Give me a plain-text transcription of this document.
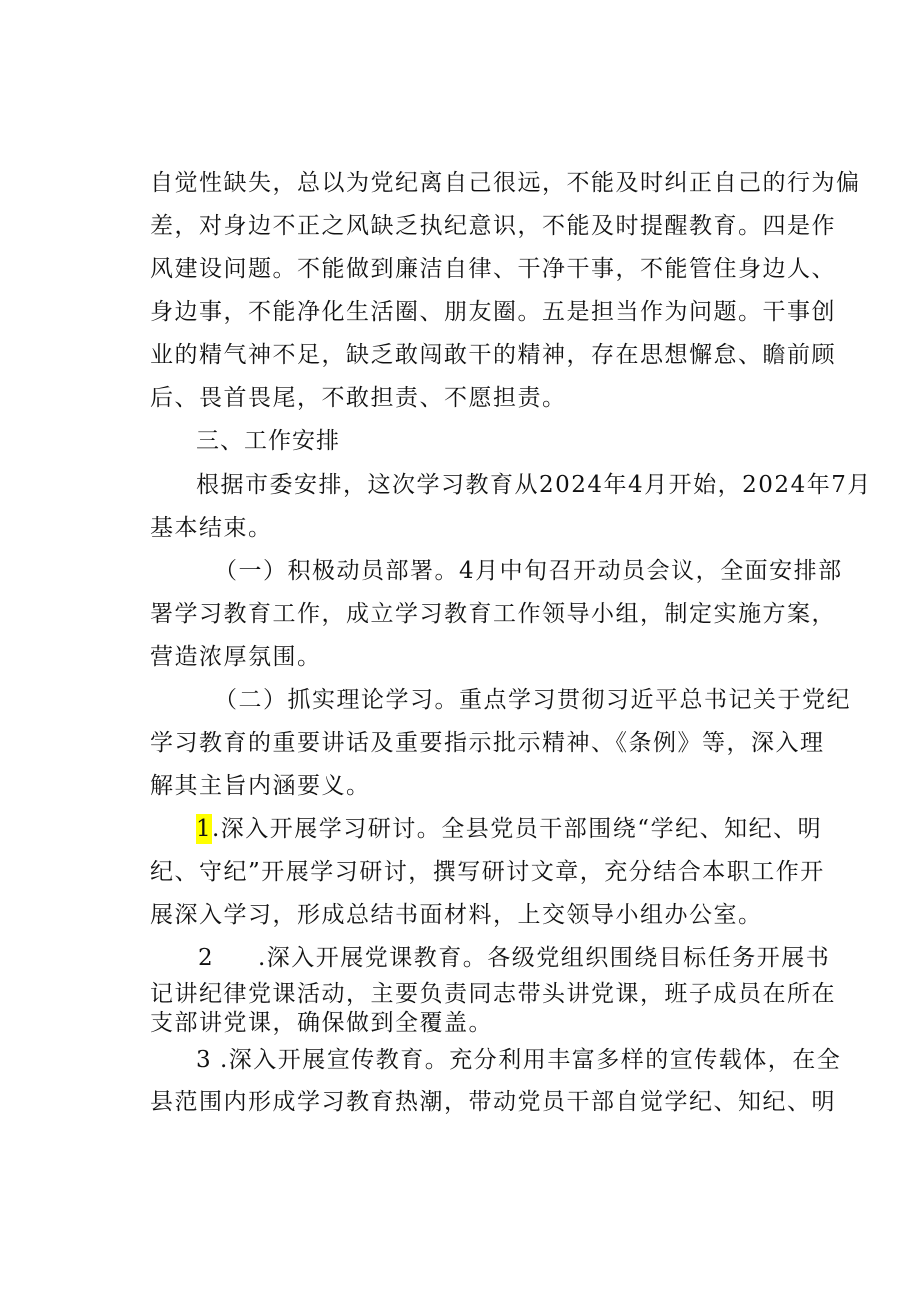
自觉性缺失，总以为党纪离自己很远，不能及时纠正自己的行为偏
差，对身边不正之风缺乏执纪意识，不能及时提醒教育。四是作
风建设问题。不能做到廉洁自律、干净干事，不能管住身边人、
身边事，不能净化生活圈、朋友圈。五是担当作为问题。干事创
业的精气神不足，缺乏敢闯敢干的精神，存在思想懈怠、瞻前顾
后、畏首畏尾，不敢担责、不愿担责。
三、工作安排
根据市委安排，这次学习教育从2024年4月开始，2024年7月
基本结束。
（一）积极动员部署。4月中旬召开动员会议，全面安排部
署学习教育工作，成立学习教育工作领导小组，制定实施方案，
营造浓厚氛围。
（二）抓实理论学习。重点学习贯彻习近平总书记关于党纪
学习教育的重要讲话及重要指示批示精神、《条例》等，深入理
解其主旨内涵要义。
1 .深入开展学习研讨。全县党员干部围绕“学纪、知纪、明
纪、守纪”开展学习研讨，撰写研讨文章，充分结合本职工作开
展深入学习，形成总结书面材料，上交领导小组办公室。
2	.深入开展党课教育。各级党组织围绕目标任务开展书
记讲纪律党课活动，主要负责同志带头讲党课，班子成员在所在
支部讲党课，确保做到全覆盖。
3 .深入开展宣传教育。充分利用丰富多样的宣传载体，在全
县范围内形成学习教育热潮，带动党员干部自觉学纪、知纪、明
